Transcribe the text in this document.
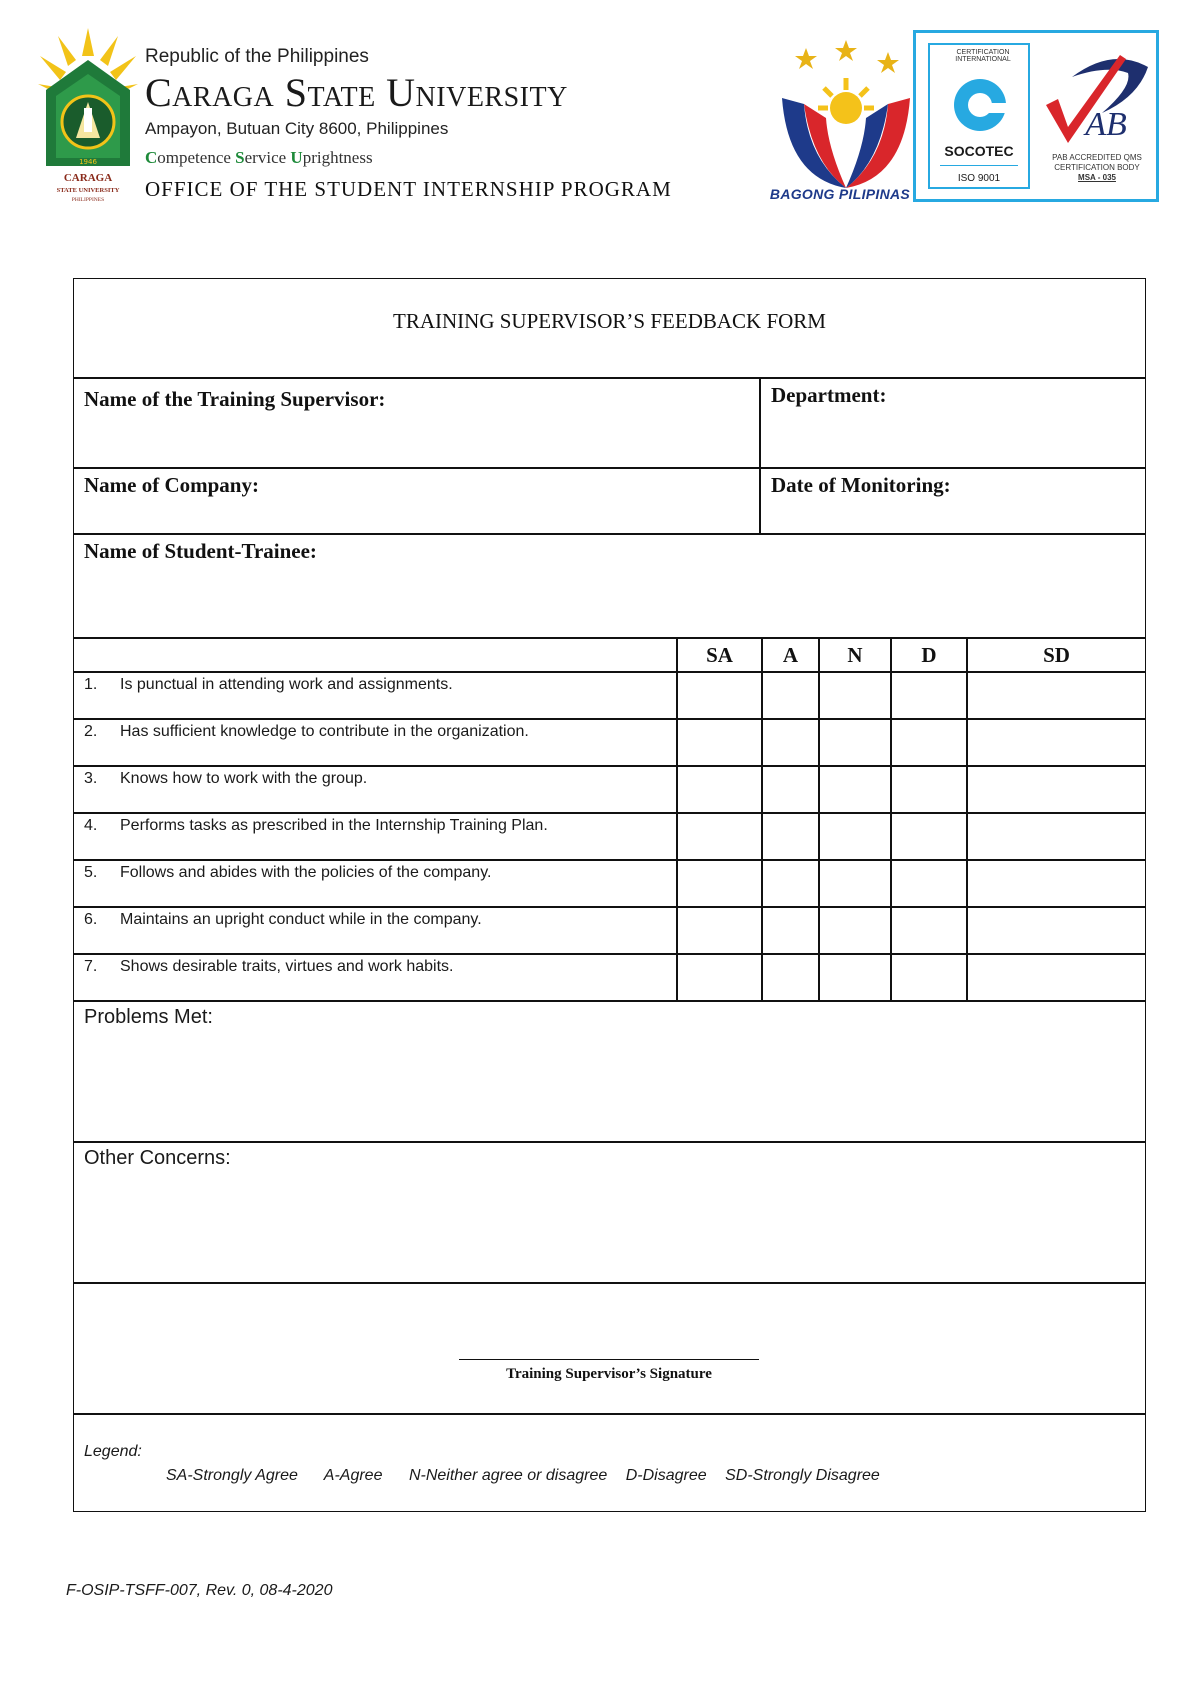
1946
CARAGA
STATE UNIVERSITY
PHILIPPINES
Republic of the Philippines
Caraga State University
Ampayon, Butuan City 8600, Philippines
Competence Service Uprightness
OFFICE OF THE STUDENT INTERNSHIP PROGRAM	BAGONG PILIPINAS
CERTIFICATION INTERNATIONAL
SOCOTEC
ISO 9001
AB
PAB ACCREDITED QMS CERTIFICATION BODY
MSA - 035
TRAINING SUPERVISOR’S FEEDBACK FORM
Name of the Training Supervisor:	Department:
Name of Company:	Date of Monitoring:
Name of Student-Trainee:
	SA	A	N	D	SD
1. Is punctual in attending work and assignments.					
2. Has sufficient knowledge to contribute in the organization.					
3. Knows how to work with the group.					
4. Performs tasks as prescribed in the Internship Training Plan.					
5. Follows and abides with the policies of the company.					
6. Maintains an upright conduct while in the company.					
7. Shows desirable traits, virtues and work habits.					
Problems Met:
Other Concerns:
Training Supervisor’s Signature
Legend:
SA-Strongly Agree A-Agree N-Neither agree or disagree D-Disagree SD-Strongly Disagree
F-OSIP-TSFF-007, Rev. 0, 08-4-2020
